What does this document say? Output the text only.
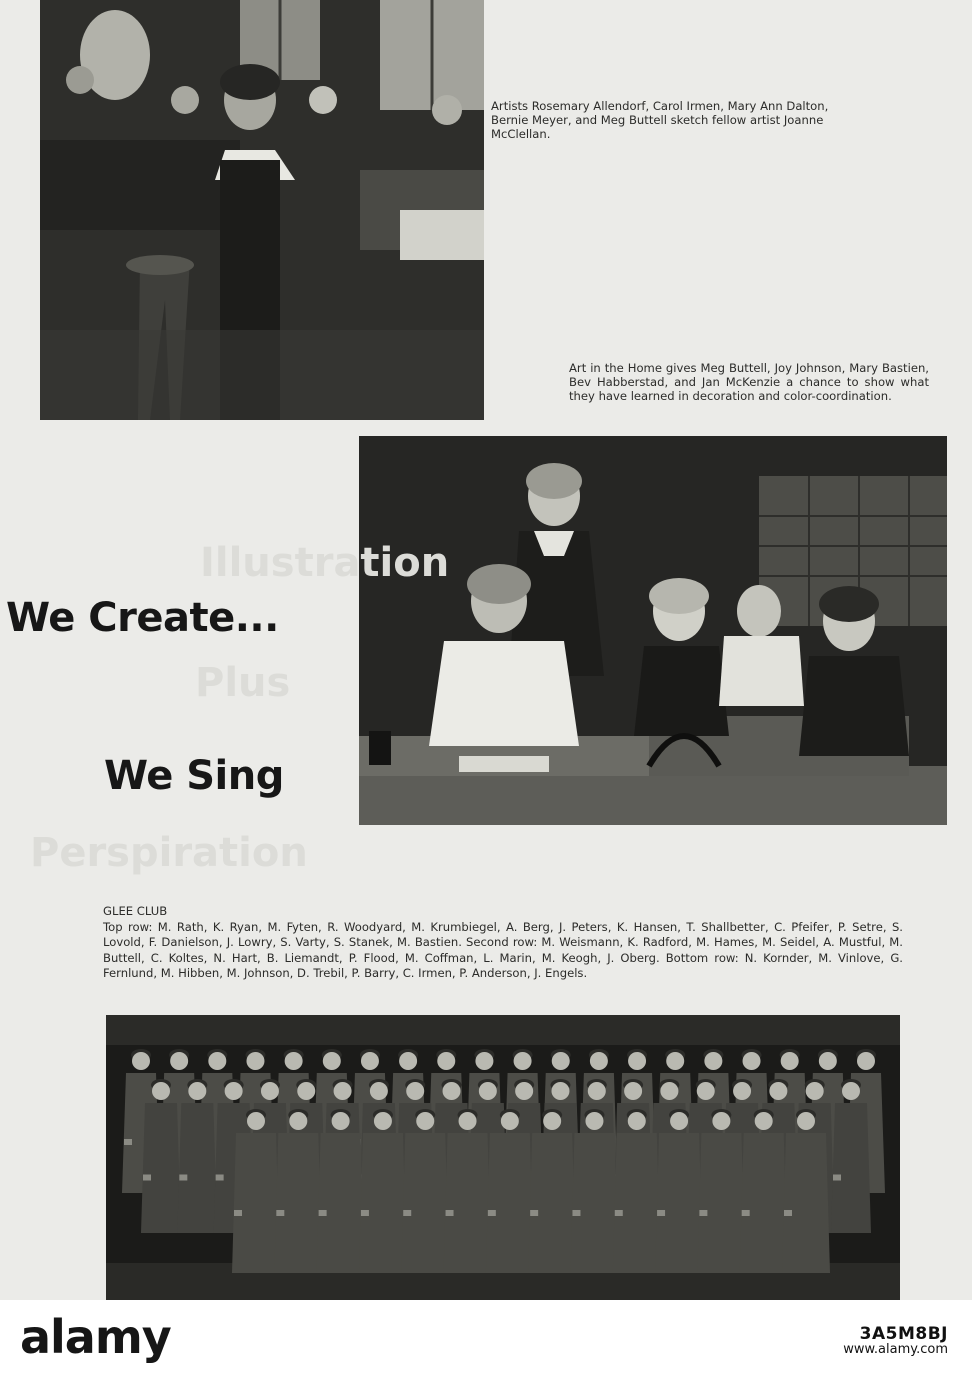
Artists Rosemary Allendorf, Carol Irmen, Mary Ann Dalton, Bernie Meyer, and Meg Buttell sketch fellow artist Joanne McClellan.
Art in the Home gives Meg Buttell, Joy Johnson, Mary Bastien, Bev Habberstad, and Jan McKenzie a chance to show what they have learned in decoration and color-coordination.
Illustration
Plus
Perspiration
We Create...
We Sing
GLEE CLUB
Top row: M. Rath, K. Ryan, M. Fyten, R. Woodyard, M. Krumbiegel, A. Berg, J. Peters, K. Hansen, T. Shallbetter, C. Pfeifer, P. Setre, S. Lovold, F. Danielson, J. Lowry, S. Varty, S. Stanek, M. Bastien. Second row: M. Weismann, K. Radford, M. Hames, M. Seidel, A. Mustful, M. Buttell, C. Koltes, N. Hart, B. Liemandt, P. Flood, M. Coffman, L. Marin, M. Keogh, J. Oberg. Bottom row: N. Kornder, M. Vinlove, G. Fernlund, M. Hibben, M. Johnson, D. Trebil, P. Barry, C. Irmen, P. Anderson, J. Engels.
alamy	3A5M8BJ
www.alamy.com
